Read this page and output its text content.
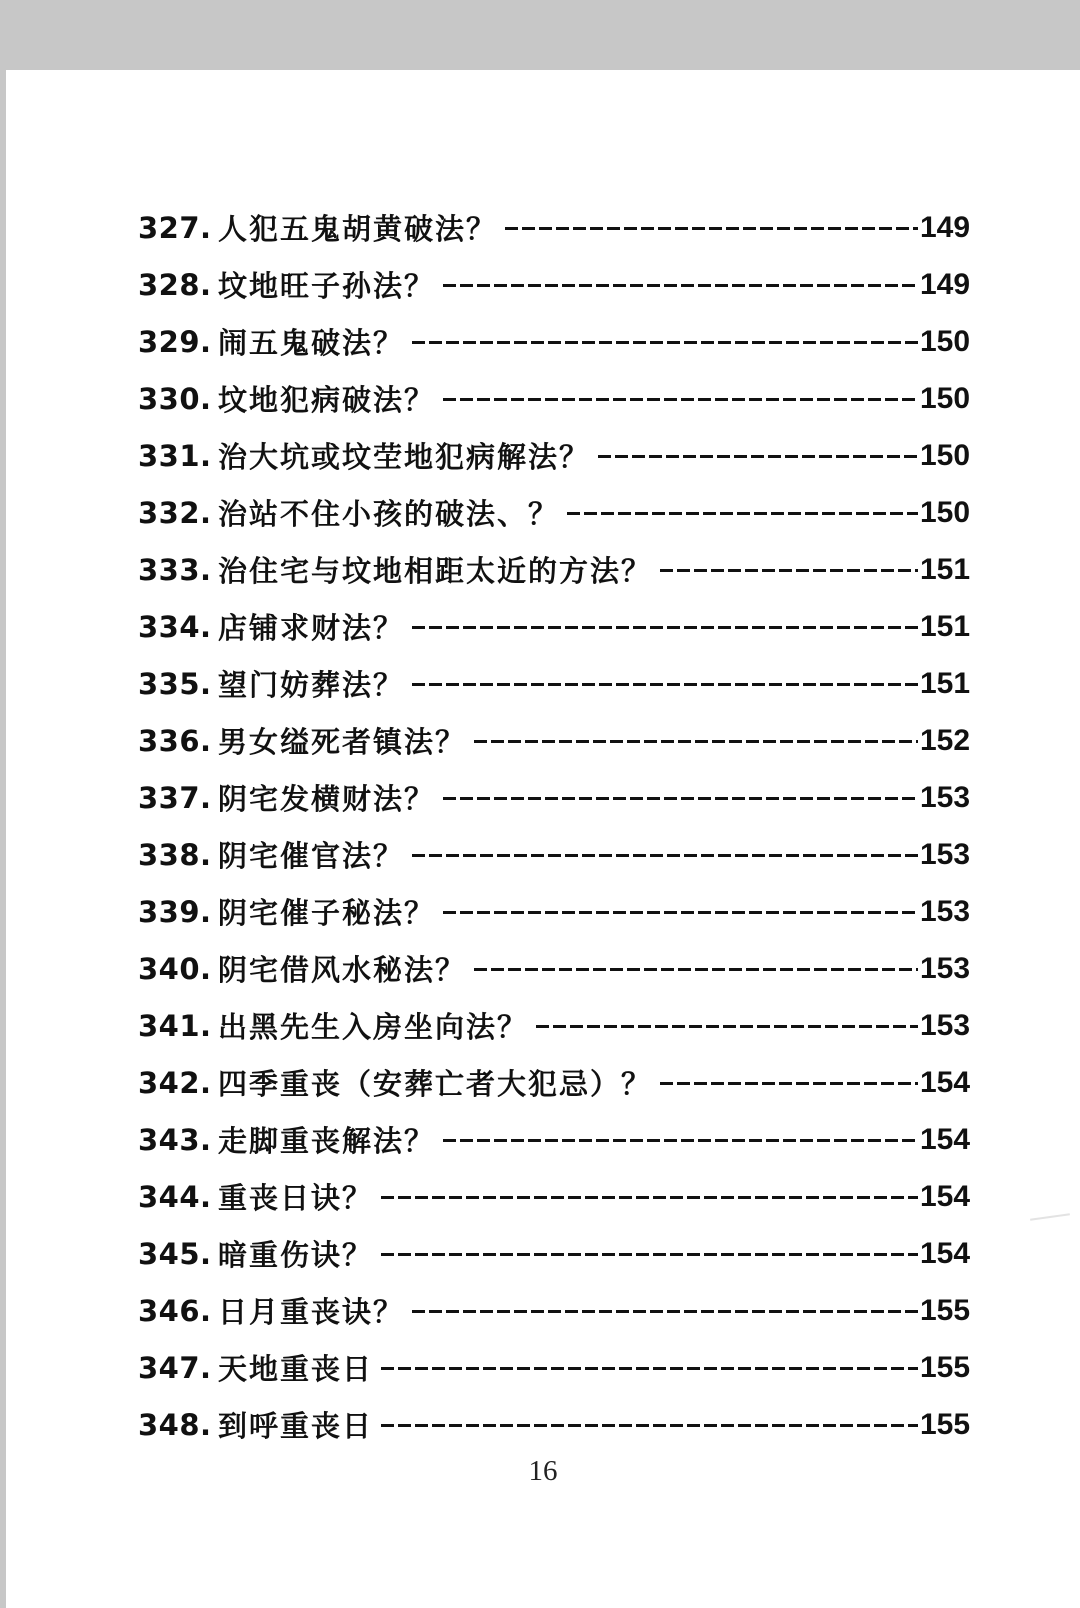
327. 人犯五鬼胡黄破法？	149
328. 坟地旺子孙法？	149
329. 闹五鬼破法？	150
330. 坟地犯病破法？	150
331. 治大坑或坟茔地犯病解法？	150
332. 治站不住小孩的破法、？	150
333. 治住宅与坟地相距太近的方法？	151
334. 店铺求财法？	151
335. 望门妨葬法？	151
336. 男女缢死者镇法？	152
337. 阴宅发横财法？	153
338. 阴宅催官法？	153
339. 阴宅催子秘法？	153
340. 阴宅借风水秘法？	153
341. 出黑先生入房坐向法？	153
342. 四季重丧（安葬亡者大犯忌）？	154
343. 走脚重丧解法？	154
344. 重丧日诀？	154
345. 暗重伤诀？	154
346. 日月重丧诀？	155
347. 天地重丧日	155
348. 到呼重丧日	155
16
